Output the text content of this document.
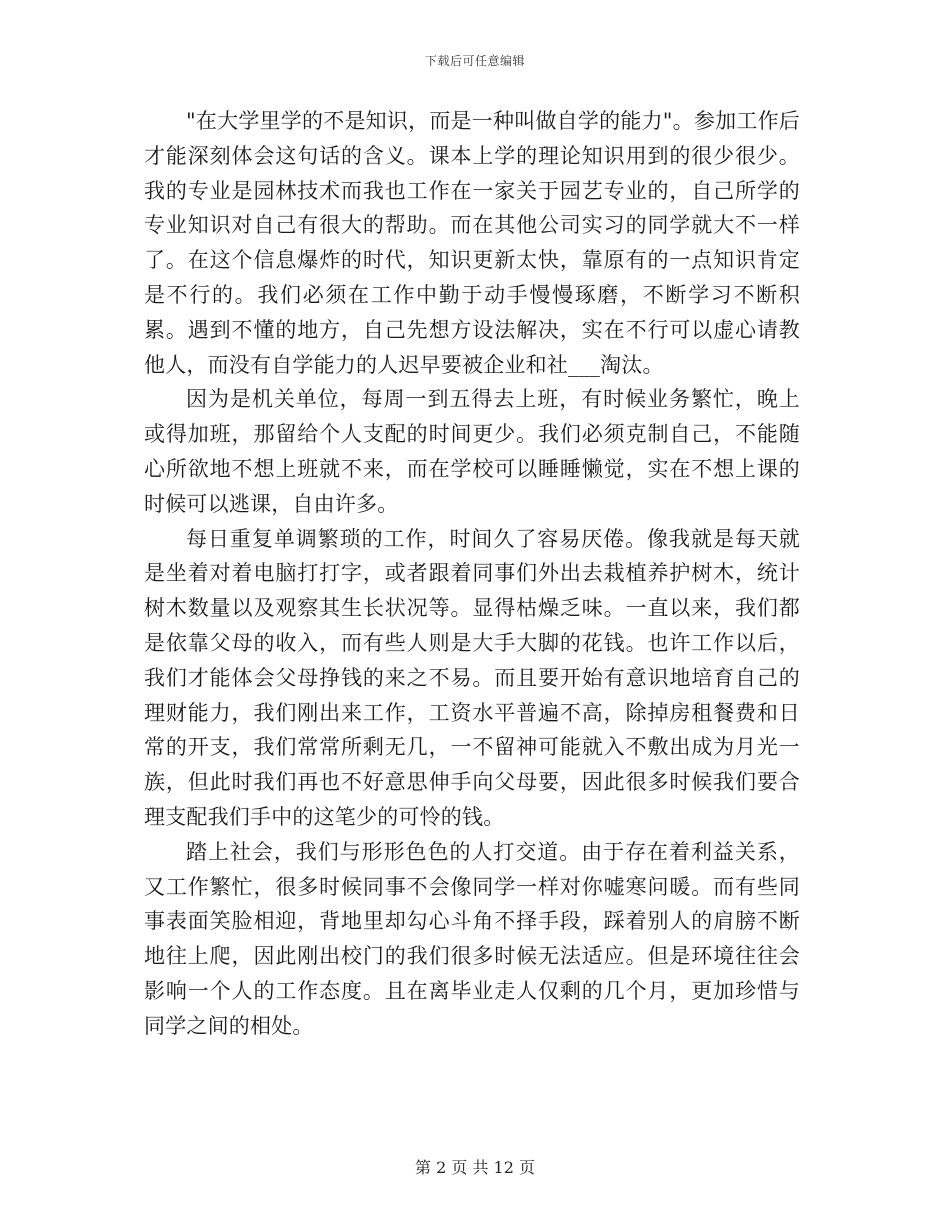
下载后可任意编辑

"在大学里学的不是知识，而是一种叫做自学的能力"。参加工作后才能深刻体会这句话的含义。课本上学的理论知识用到的很少很少。我的专业是园林技术而我也工作在一家关于园艺专业的，自己所学的专业知识对自己有很大的帮助。而在其他公司实习的同学就大不一样了。在这个信息爆炸的时代，知识更新太快，靠原有的一点知识肯定是不行的。我们必须在工作中勤于动手慢慢琢磨，不断学习不断积累。遇到不懂的地方，自己先想方设法解决，实在不行可以虚心请教他人，而没有自学能力的人迟早要被企业和社___淘汰。

因为是机关单位，每周一到五得去上班，有时候业务繁忙，晚上或得加班，那留给个人支配的时间更少。我们必须克制自己，不能随心所欲地不想上班就不来，而在学校可以睡睡懒觉，实在不想上课的时候可以逃课，自由许多。

每日重复单调繁琐的工作，时间久了容易厌倦。像我就是每天就是坐着对着电脑打打字，或者跟着同事们外出去栽植养护树木，统计树木数量以及观察其生长状况等。显得枯燥乏味。一直以来，我们都是依靠父母的收入，而有些人则是大手大脚的花钱。也许工作以后，我们才能体会父母挣钱的来之不易。而且要开始有意识地培育自己的理财能力，我们刚出来工作，工资水平普遍不高，除掉房租餐费和日常的开支，我们常常所剩无几，一不留神可能就入不敷出成为月光一族，但此时我们再也不好意思伸手向父母要，因此很多时候我们要合理支配我们手中的这笔少的可怜的钱。

踏上社会，我们与形形色色的人打交道。由于存在着利益关系，又工作繁忙，很多时候同事不会像同学一样对你嘘寒问暖。而有些同事表面笑脸相迎，背地里却勾心斗角不择手段，踩着别人的肩膀不断地往上爬，因此刚出校门的我们很多时候无法适应。但是环境往往会影响一个人的工作态度。且在离毕业走人仅剩的几个月，更加珍惜与同学之间的相处。

第 2 页 共 12 页
